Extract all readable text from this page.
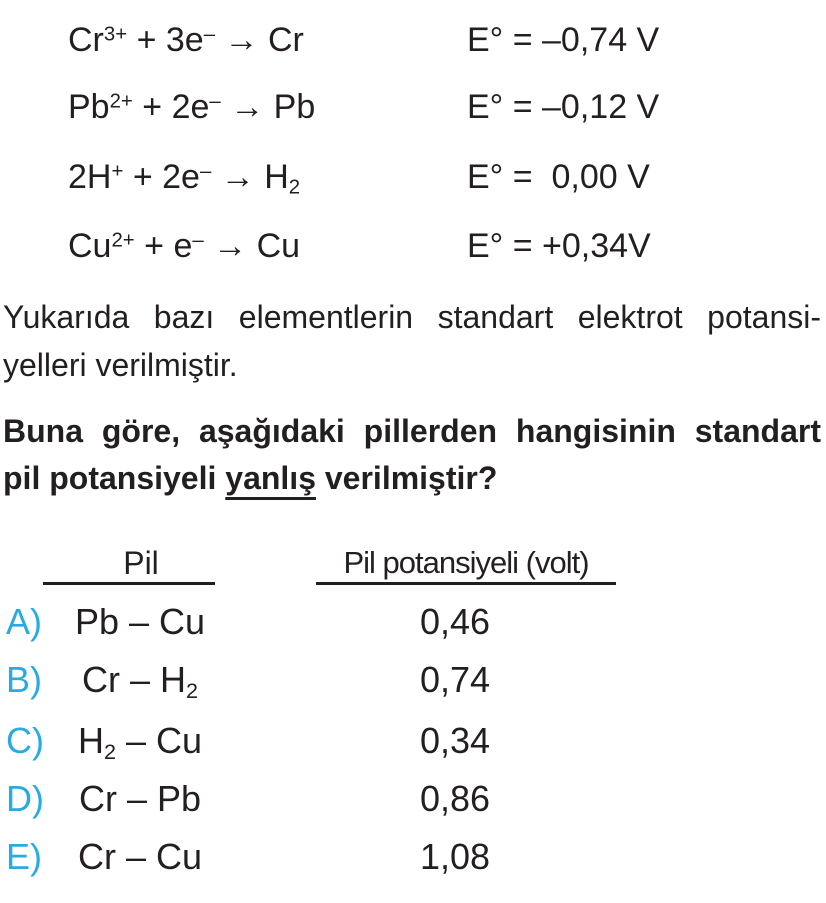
$Cr^{3+} + 3e^- \to Cr$	E° = –0,74 V
$Pb^{2+} + 2e^- \to Pb$	E° = –0,12 V
$2H^+ + 2e^- \to H_2$	E° =  0,00 V
$Cu^{2+} + e^- \to Cu$	E° = +0,34V
Yukarıda bazı elementlerin standart elektrot potansi-
yelleri verilmiştir.
Buna göre, aşağıdaki pillerden hangisinin standart
pil potansiyeli yanlış verilmiştir?
Pil	Pil potansiyeli (volt)
A) Pb – Cu	0,46
B)	Cr – $H_2$	0,74
C) $H_2$ – Cu	0,34
D) Cr – Pb	0,86
E) Cr – Cu	1,08
